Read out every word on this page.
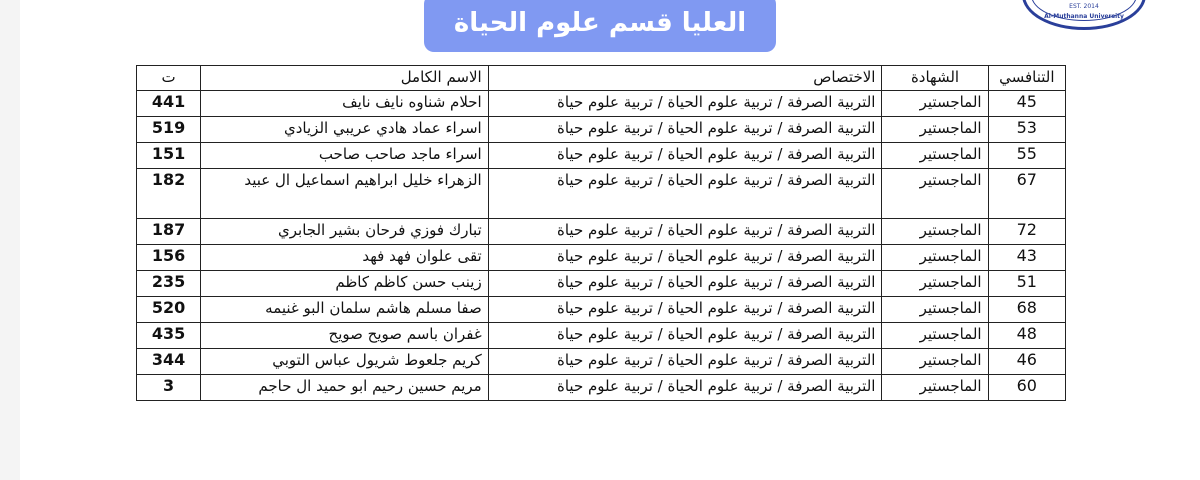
العليا قسم علوم الحياة
EST. 2014
Al-Muthanna University
التنافسي	الشهادة	الاختصاص	الاسم الكامل	ت
45	الماجستير	التربية الصرفة / تربية علوم الحياة / تربية علوم حياة	احلام شناوه نايف نايف	441
53	الماجستير	التربية الصرفة / تربية علوم الحياة / تربية علوم حياة	اسراء عماد هادي عريبي الزيادي	519
55	الماجستير	التربية الصرفة / تربية علوم الحياة / تربية علوم حياة	اسراء ماجد صاحب صاحب	151
67	الماجستير	التربية الصرفة / تربية علوم الحياة / تربية علوم حياة	الزهراء خليل ابراهيم اسماعيل ال عبيد	182
72	الماجستير	التربية الصرفة / تربية علوم الحياة / تربية علوم حياة	تبارك فوزي فرحان بشير الجابري	187
43	الماجستير	التربية الصرفة / تربية علوم الحياة / تربية علوم حياة	تقى علوان فهد فهد	156
51	الماجستير	التربية الصرفة / تربية علوم الحياة / تربية علوم حياة	زينب حسن كاظم كاظم	235
68	الماجستير	التربية الصرفة / تربية علوم الحياة / تربية علوم حياة	صفا مسلم هاشم سلمان البو غنيمه	520
48	الماجستير	التربية الصرفة / تربية علوم الحياة / تربية علوم حياة	غفران باسم صويح صويح	435
46	الماجستير	التربية الصرفة / تربية علوم الحياة / تربية علوم حياة	كريم جلعوط شريول عباس التوبي	344
60	الماجستير	التربية الصرفة / تربية علوم الحياة / تربية علوم حياة	مريم حسين رحيم ابو حميد ال حاجم	3
